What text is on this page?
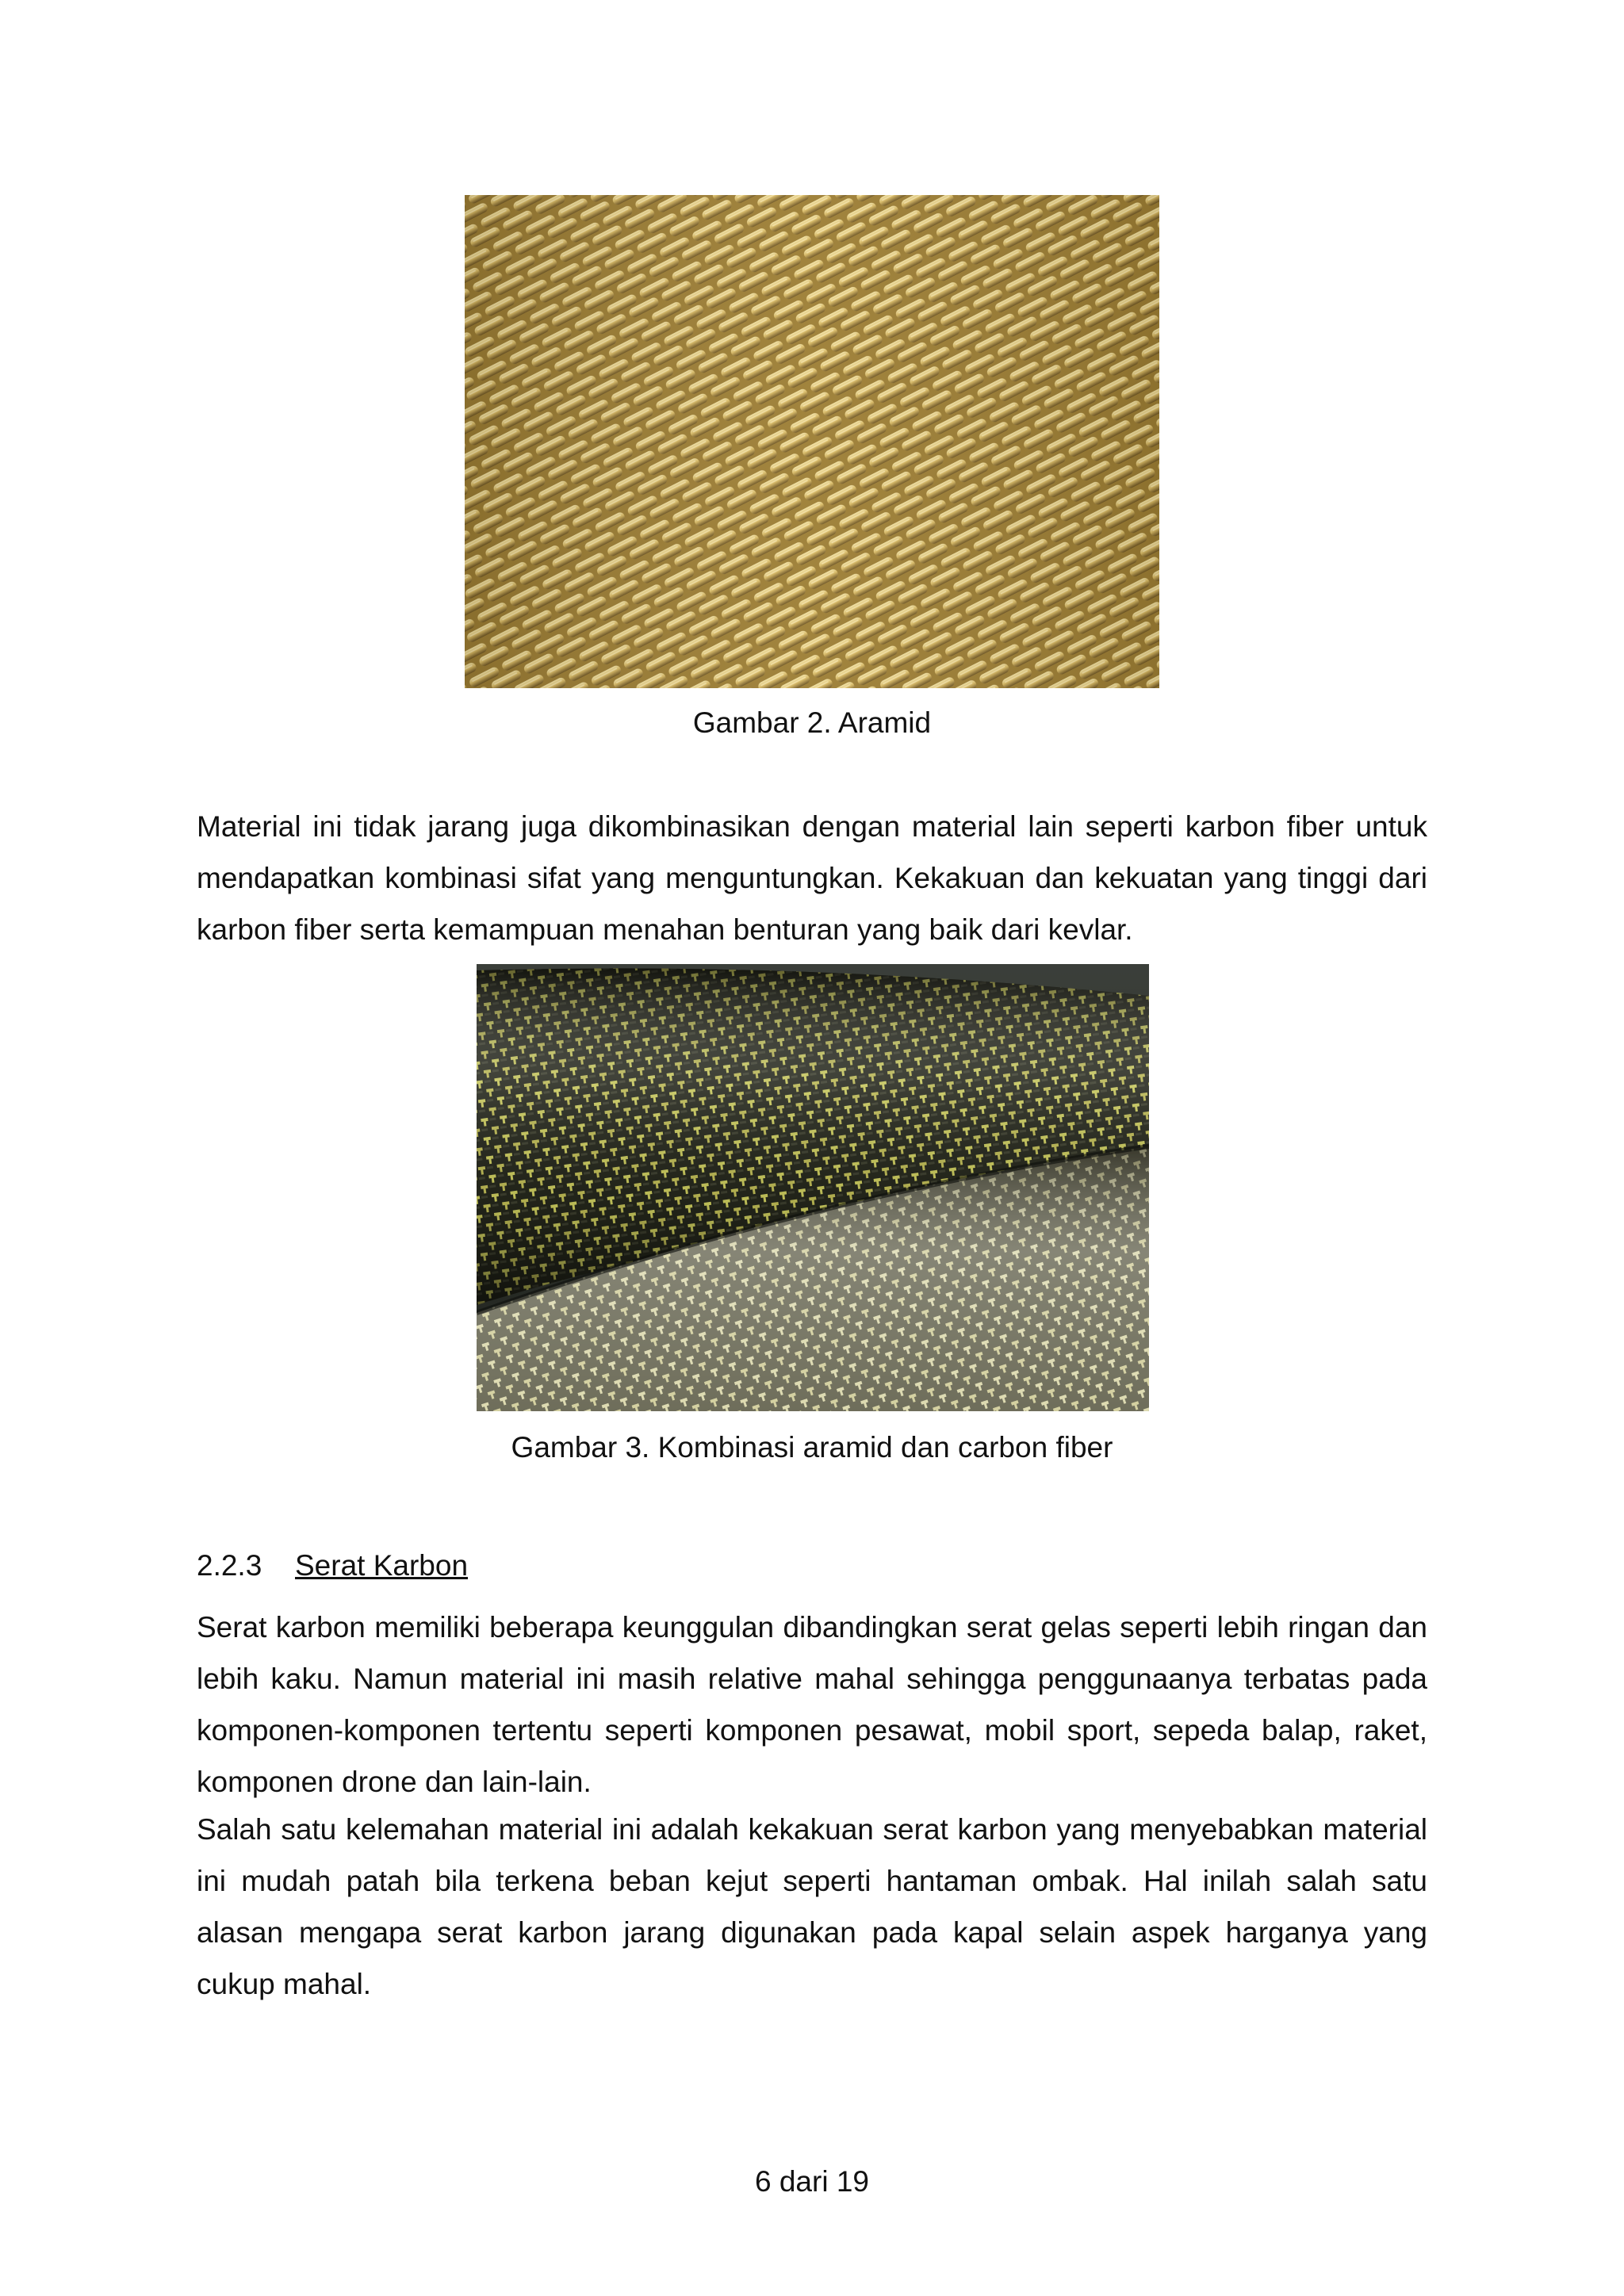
Gambar 2. Aramid

Material ini tidak jarang juga dikombinasikan dengan material lain seperti karbon fiber untuk mendapatkan kombinasi sifat yang menguntungkan. Kekakuan dan kekuatan yang tinggi dari karbon fiber serta kemampuan menahan benturan yang baik dari kevlar.

Gambar 3. Kombinasi aramid dan carbon fiber
2.2.3 Serat Karbon

Serat karbon memiliki beberapa keunggulan dibandingkan serat gelas seperti lebih ringan dan lebih kaku. Namun material ini masih relative mahal sehingga penggunaanya terbatas pada komponen-komponen tertentu seperti komponen pesawat, mobil sport, sepeda balap, raket, komponen drone dan lain-lain.

Salah satu kelemahan material ini adalah kekakuan serat karbon yang menyebabkan material ini mudah patah bila terkena beban kejut seperti hantaman ombak. Hal inilah salah satu alasan mengapa serat karbon jarang digunakan pada kapal selain aspek harganya yang cukup mahal.

6 dari 19
